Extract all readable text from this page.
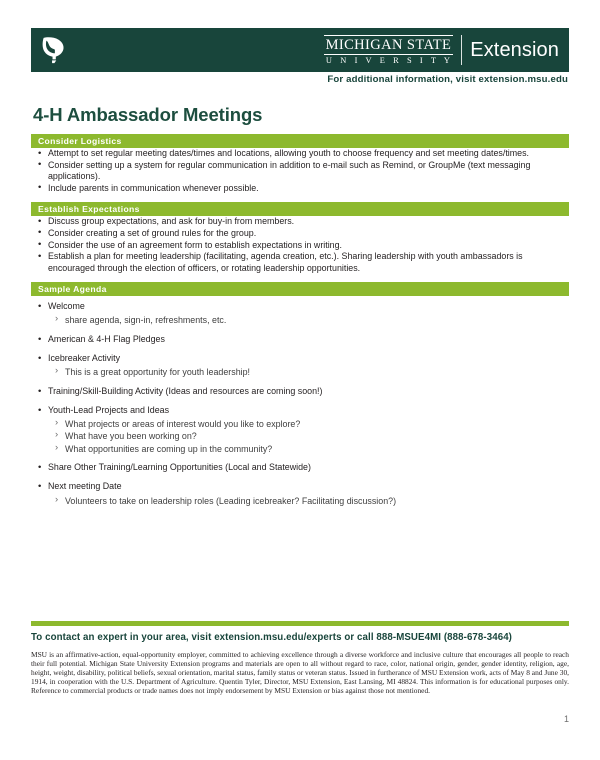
MICHIGAN STATE
U N I V E R S I T Y Extension
For additional information, visit extension.msu.edu
4-H Ambassador Meetings
Consider Logistics
• Attempt to set regular meeting dates/times and locations, allowing youth to choose frequency and set meeting dates/times.
• Consider setting up a system for regular communication in addition to e-mail such as Remind, or GroupMe (text messaging applications).
• Include parents in communication whenever possible.
Establish Expectations
• Discuss group expectations, and ask for buy-in from members.
• Consider creating a set of ground rules for the group.
• Consider the use of an agreement form to establish expectations in writing.
• Establish a plan for meeting leadership (facilitating, agenda creation, etc.). Sharing leadership with youth ambassadors is encouraged through the election of officers, or rotating leadership opportunities.
Sample Agenda
• Welcome
› share agenda, sign-in, refreshments, etc.
• American & 4-H Flag Pledges
• Icebreaker Activity
› This is a great opportunity for youth leadership!
• Training/Skill-Building Activity (Ideas and resources are coming soon!)
• Youth-Lead Projects and Ideas
› What projects or areas of interest would you like to explore?
› What have you been working on?
› What opportunities are coming up in the community?
• Share Other Training/Learning Opportunities (Local and Statewide)
• Next meeting Date
› Volunteers to take on leadership roles (Leading icebreaker? Facilitating discussion?)
To contact an expert in your area, visit extension.msu.edu/experts or call 888-MSUE4MI (888-678-3464)
MSU is an affirmative-action, equal-opportunity employer, committed to achieving excellence through a diverse workforce and inclusive culture that encourages all people to reach their full potential. Michigan State University Extension programs and materials are open to all without regard to race, color, national origin, gender, gender identity, religion, age, height, weight, disability, political beliefs, sexual orientation, marital status, family status or veteran status. Issued in furtherance of MSU Extension work, acts of May 8 and June 30, 1914, in cooperation with the U.S. Department of Agriculture. Quentin Tyler, Director, MSU Extension, East Lansing, MI 48824. This information is for educational purposes only. Reference to commercial products or trade names does not imply endorsement by MSU Extension or bias against those not mentioned.
1
